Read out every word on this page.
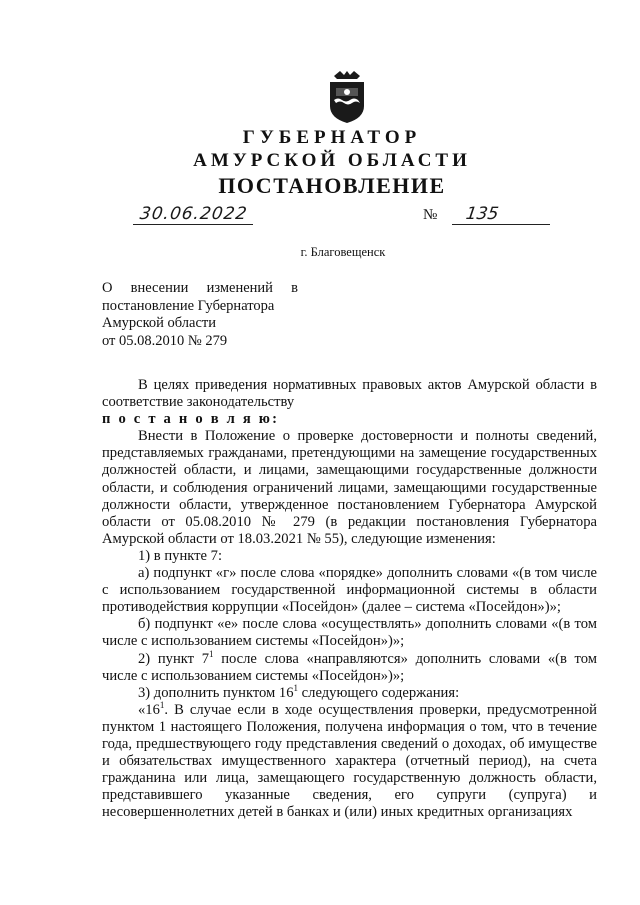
ГУБЕРНАТОР
АМУРСКОЙ ОБЛАСТИ
ПОСТАНОВЛЕНИЕ
30.06.2022	№ 135
г. Благовещенск
О внесении изменений в
постановление Губернатора
Амурской области
от 05.08.2010 № 279

В целях приведения нормативных правовых актов Амурской области в соответствие законодательству

п о с т а н о в л я ю:

Внести в Положение о проверке достоверности и полноты сведений, представляемых гражданами, претендующими на замещение государственных должностей области, и лицами, замещающими государственные должности области, и соблюдения ограничений лицами, замещающими государственные должности области, утвержденное постановлением Губернатора Амурской области от 05.08.2010 № 279 (в редакции постановления Губернатора Амурской области от 18.03.2021 № 55), следующие изменения:

1) в пункте 7:

а) подпункт «г» после слова «порядке» дополнить словами «(в том числе с использованием государственной информационной системы в области противодействия коррупции «Посейдон» (далее – система «Посейдон»)»;

б) подпункт «е» после слова «осуществлять» дополнить словами «(в том числе с использованием системы «Посейдон»)»;

2) пункт $7^1$ после слова «направляются» дополнить словами «(в том числе с использованием системы «Посейдон»)»;

3) дополнить пунктом $16^1$ следующего содержания:

«$16^1$. В случае если в ходе осуществления проверки, предусмотренной пунктом 1 настоящего Положения, получена информация о том, что в течение года, предшествующего году представления сведений о доходах, об имуществе и обязательствах имущественного характера (отчетный период), на счета гражданина или лица, замещающего государственную должность области, представившего указанные сведения, его супруги (супруга) и несовершеннолетних детей в банках и (или) иных кредитных организациях
